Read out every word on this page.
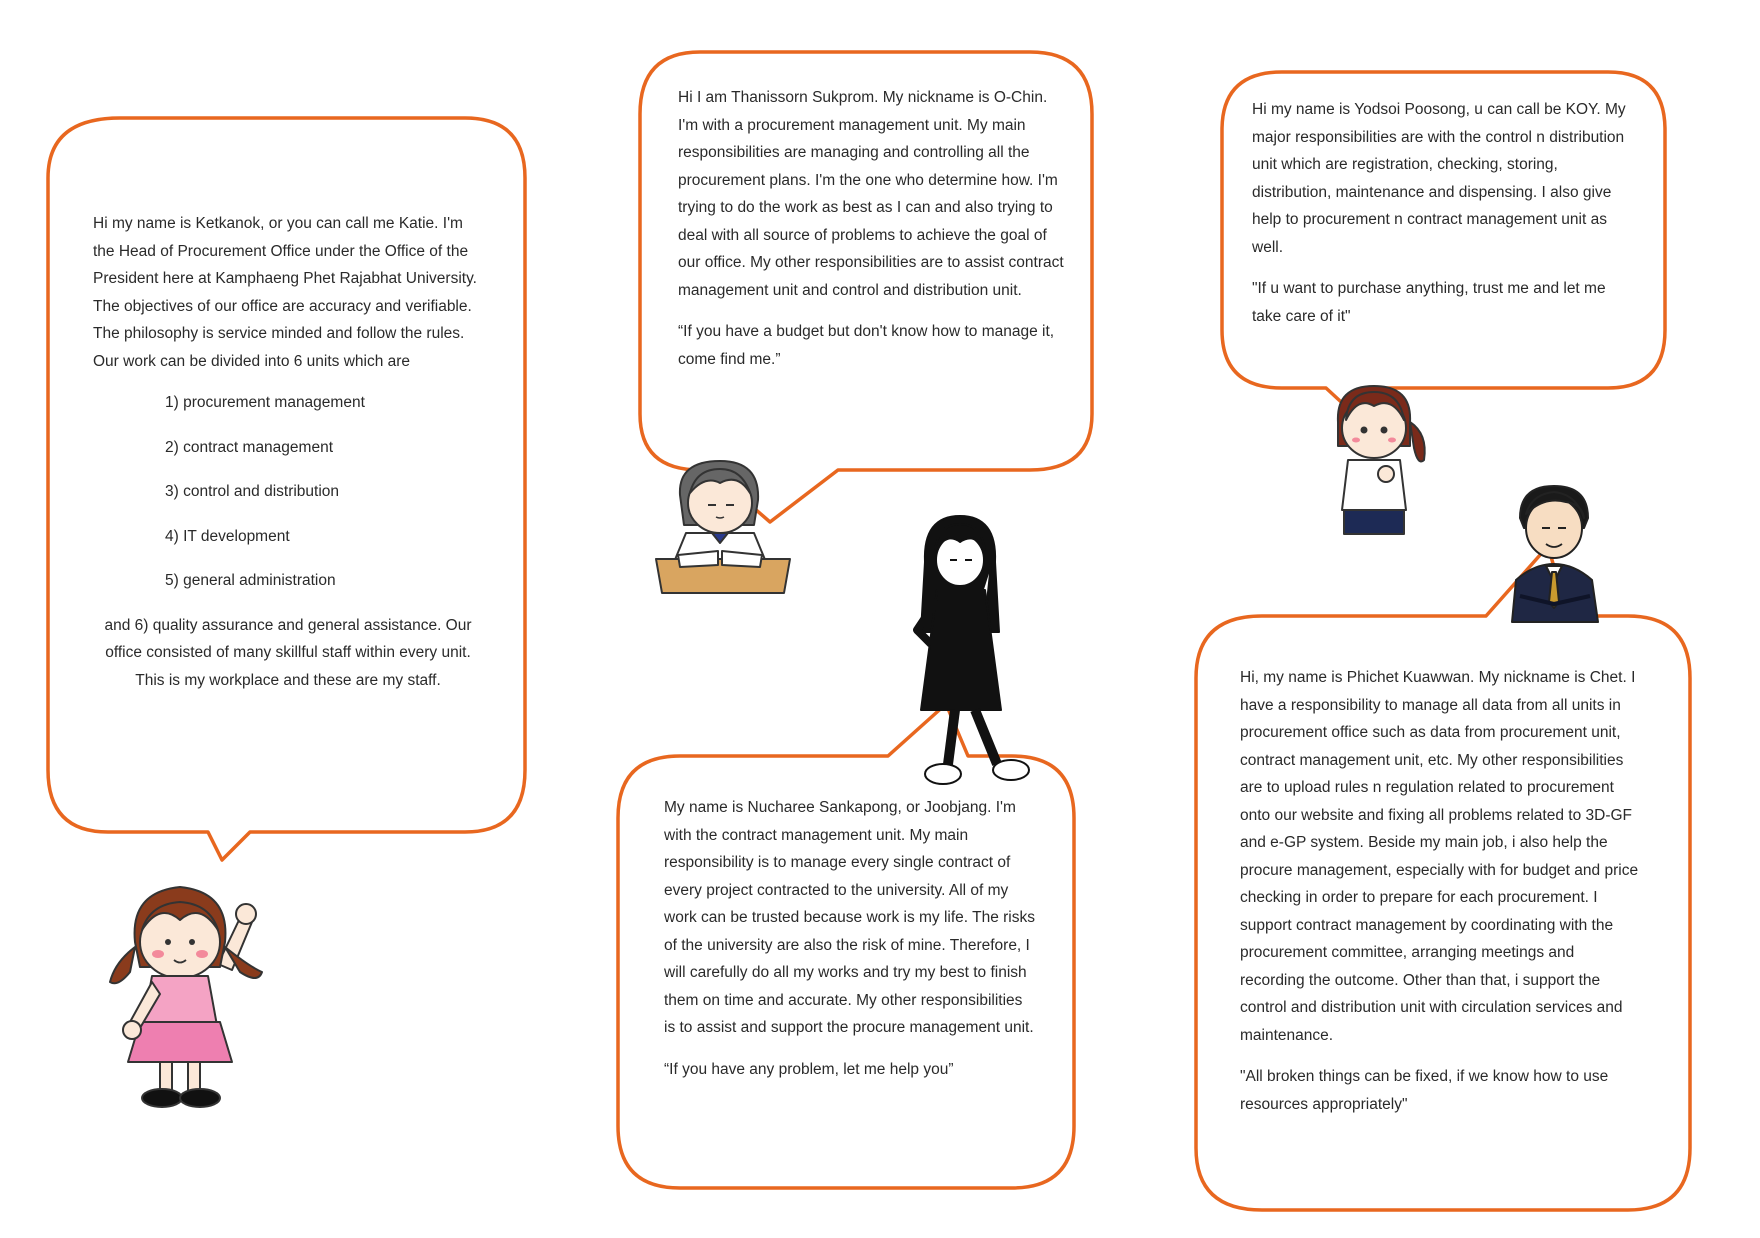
Hi my name is Ketkanok, or you can call me Katie. I'm the Head of Procurement Office under the Office of the President here at Kamphaeng Phet Rajabhat University. The objectives of our office are accuracy and verifiable. The philosophy is service minded and follow the rules. Our work can be divided into 6 units which are

1) procurement management
2) contract management
3) control and distribution
4) IT development
5) general administration

and 6) quality assurance and general assistance. Our office consisted of many skillful staff within every unit. This is my workplace and these are my staff.

Hi I am Thanissorn Sukprom. My nickname is O-Chin. I'm with a procurement management unit. My main responsibilities are managing and controlling all the procurement plans. I'm the one who determine how. I'm trying to do the work as best as I can and also trying to deal with all source of problems to achieve the goal of our office. My other responsibilities are to assist contract management unit and control and distribution unit.

“If you have a budget but don't know how to manage it, come find me.”

Hi my name is Yodsoi Poosong, u can call be KOY. My major responsibilities are with the control n distribution unit which are registration, checking, storing, distribution, maintenance and dispensing. I also give help to procurement n contract management unit as well.

"If u want to purchase anything, trust me and let me take care of it"

My name is Nucharee Sankapong, or Joobjang. I'm with the contract management unit. My main responsibility is to manage every single contract of every project contracted to the university. All of my work can be trusted because work is my life. The risks of the university are also the risk of mine. Therefore, I will carefully do all my works and try my best to finish them on time and accurate. My other responsibilities is to assist and support the procure management unit.

“If you have any problem, let me help you”

Hi, my name is Phichet Kuawwan. My nickname is Chet. I have a responsibility to manage all data from all units in procurement office such as data from procurement unit, contract management unit, etc. My other responsibilities are to upload rules n regulation related to procurement onto our website and fixing all problems related to 3D-GF and e-GP system. Beside my main job, i also help the procure management, especially with for budget and price checking in order to prepare for each procurement. I support contract management by coordinating with the procurement committee, arranging meetings and recording the outcome. Other than that, i support the control and distribution unit with circulation services and maintenance.

"All broken things can be fixed, if we know how to use resources appropriately"
